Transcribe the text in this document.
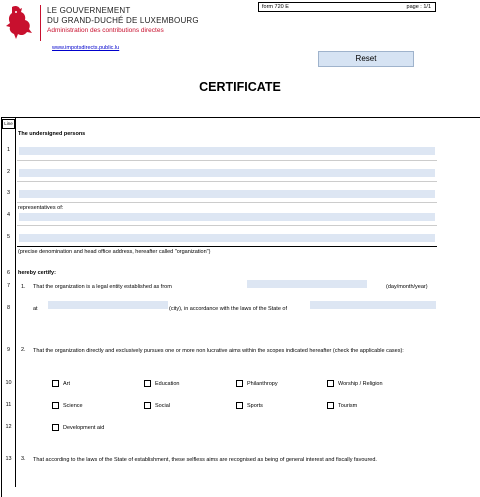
LE GOUVERNEMENT
DU GRAND-DUCHÉ DE LUXEMBOURG
Administration des contributions directes
www.impotsdirects.public.lu
form 720 E	page : 1/1
Reset
CERTIFICATE
Line
The undersigned persons
1
2
3
4
5
6
7
8
9
10
11
12
13
representatives of:
(precise denomination and head office address, hereafter called "organization")
hereby certify:
1. That the organization is a legal entity established as from	(day/month/year)
at	(city), in accordance with the laws of the State of
2. That the organization directly and exclusively pursues one or more non lucrative aims within the scopes indicated hereafter (check the applicable cases):
Art	Education	Philanthropy	Worship / Religion
Science	Social	Sports	Tourism
Development aid
3. That according to the laws of the State of establishment, these selfless aims are recognised as being of general interest and fiscally favoured.
